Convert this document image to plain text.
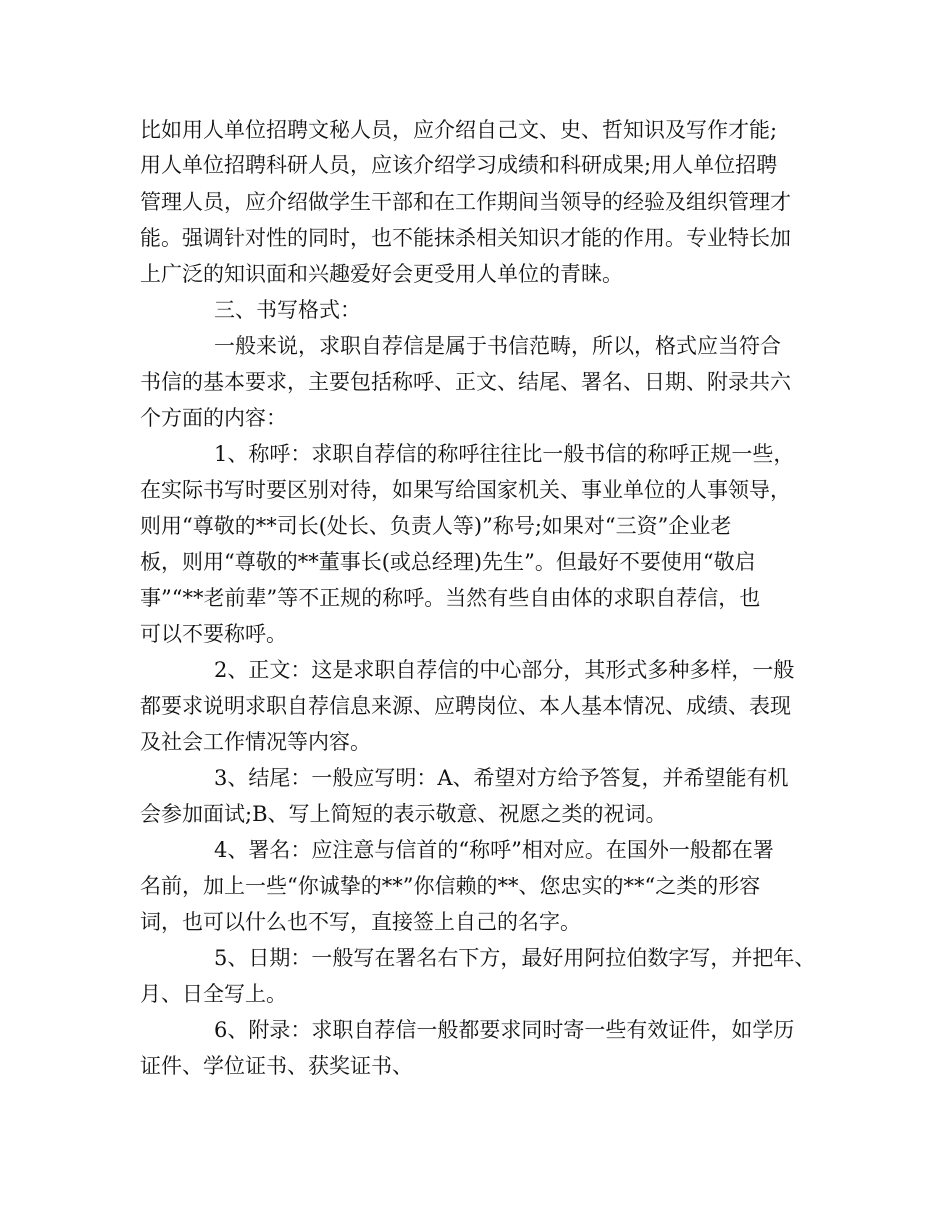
比如用人单位招聘文秘人员，应介绍自己文、史、哲知识及写作才能;
用人单位招聘科研人员，应该介绍学习成绩和科研成果;用人单位招聘
管理人员，应介绍做学生干部和在工作期间当领导的经验及组织管理才
能。强调针对性的同时，也不能抹杀相关知识才能的作用。专业特长加
上广泛的知识面和兴趣爱好会更受用人单位的青睐。
三、书写格式：
一般来说，求职自荐信是属于书信范畴，所以，格式应当符合
书信的基本要求，主要包括称呼、正文、结尾、署名、日期、附录共六
个方面的内容：
1、称呼：求职自荐信的称呼往往比一般书信的称呼正规一些，
在实际书写时要区别对待，如果写给国家机关、事业单位的人事领导，
则用“尊敬的**司长(处长、负责人等)”称号;如果对“三资”企业老
板，则用“尊敬的**董事长(或总经理)先生”。但最好不要使用“敬启
事”“**老前辈”等不正规的称呼。当然有些自由体的求职自荐信，也
可以不要称呼。
2、正文：这是求职自荐信的中心部分，其形式多种多样，一般
都要求说明求职自荐信息来源、应聘岗位、本人基本情况、成绩、表现
及社会工作情况等内容。
3、结尾：一般应写明：A、希望对方给予答复，并希望能有机
会参加面试;B、写上简短的表示敬意、祝愿之类的祝词。
4、署名：应注意与信首的“称呼”相对应。在国外一般都在署
名前，加上一些“你诚挚的**”你信赖的**、您忠实的**“之类的形容
词，也可以什么也不写，直接签上自己的名字。
5、日期：一般写在署名右下方，最好用阿拉伯数字写，并把年、
月、日全写上。
6、附录：求职自荐信一般都要求同时寄一些有效证件，如学历
证件、学位证书、获奖证书、
